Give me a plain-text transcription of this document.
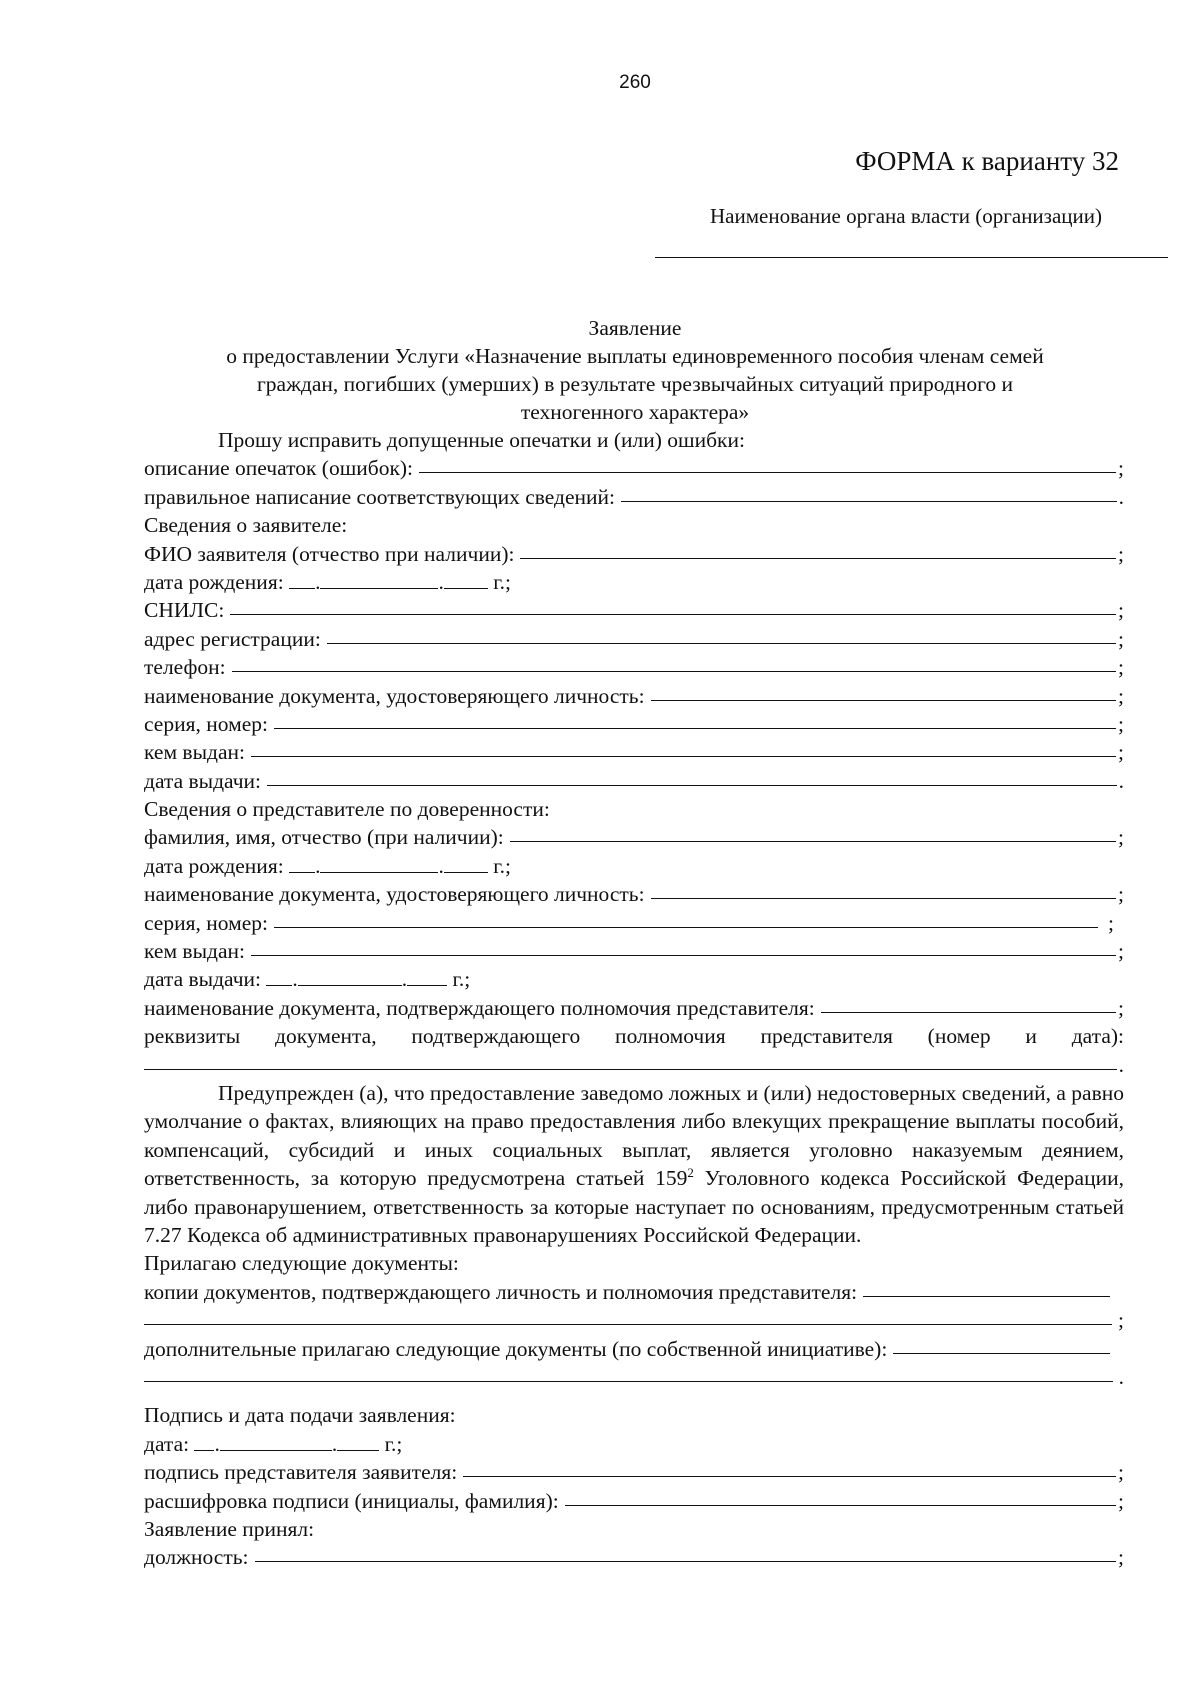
260
ФОРМА к варианту 32
Наименование органа власти (организации)
Заявление
о предоставлении Услуги «Назначение выплаты единовременного пособия членам семей
граждан, погибших (умерших) в результате чрезвычайных ситуаций природного и
техногенного характера»
Прошу исправить допущенные опечатки и (или) ошибки:
описание опечаток (ошибок):	;
правильное написание соответствующих сведений:	.
Сведения о заявителе:
ФИО заявителя (отчество при наличии):	;
дата рождения:
.	.
г.;
СНИЛС:	;
адрес регистрации:	;
телефон:	;
наименование документа, удостоверяющего личность:	;
серия, номер:	;
кем выдан:	;
дата выдачи:	.
Сведения о представителе по доверенности:
фамилия, имя, отчество (при наличии):	;
дата рождения:
.	.
г.;
наименование документа, удостоверяющего личность:	;
серия, номер:	;
кем выдан:	;
дата выдачи:
.	.
г.;
наименование документа, подтверждающего полномочия представителя:	;
реквизиты документа, подтверждающего полномочия представителя (номер и дата):
.
Предупрежден (а), что предоставление заведомо ложных и (или) недостоверных сведений, а равно умолчание о фактах, влияющих на право предоставления либо влекущих прекращение выплаты пособий, компенсаций, субсидий и иных социальных выплат, является уголовно наказуемым деянием, ответственность, за которую предусмотрена статьей $159^2$ Уголовного кодекса Российской Федерации, либо правонарушением, ответственность за которые наступает по основаниям, предусмотренным статьей 7.27 Кодекса об административных правонарушениях Российской Федерации.
Прилагаю следующие документы:
копии документов, подтверждающего личность и полномочия представителя:
;
дополнительные прилагаю следующие документы (по собственной инициативе):
.
Подпись и дата подачи заявления:
дата:
.	.
г.;
подпись представителя заявителя:	;
расшифровка подписи (инициалы, фамилия):	;
Заявление принял:
должность:	;
